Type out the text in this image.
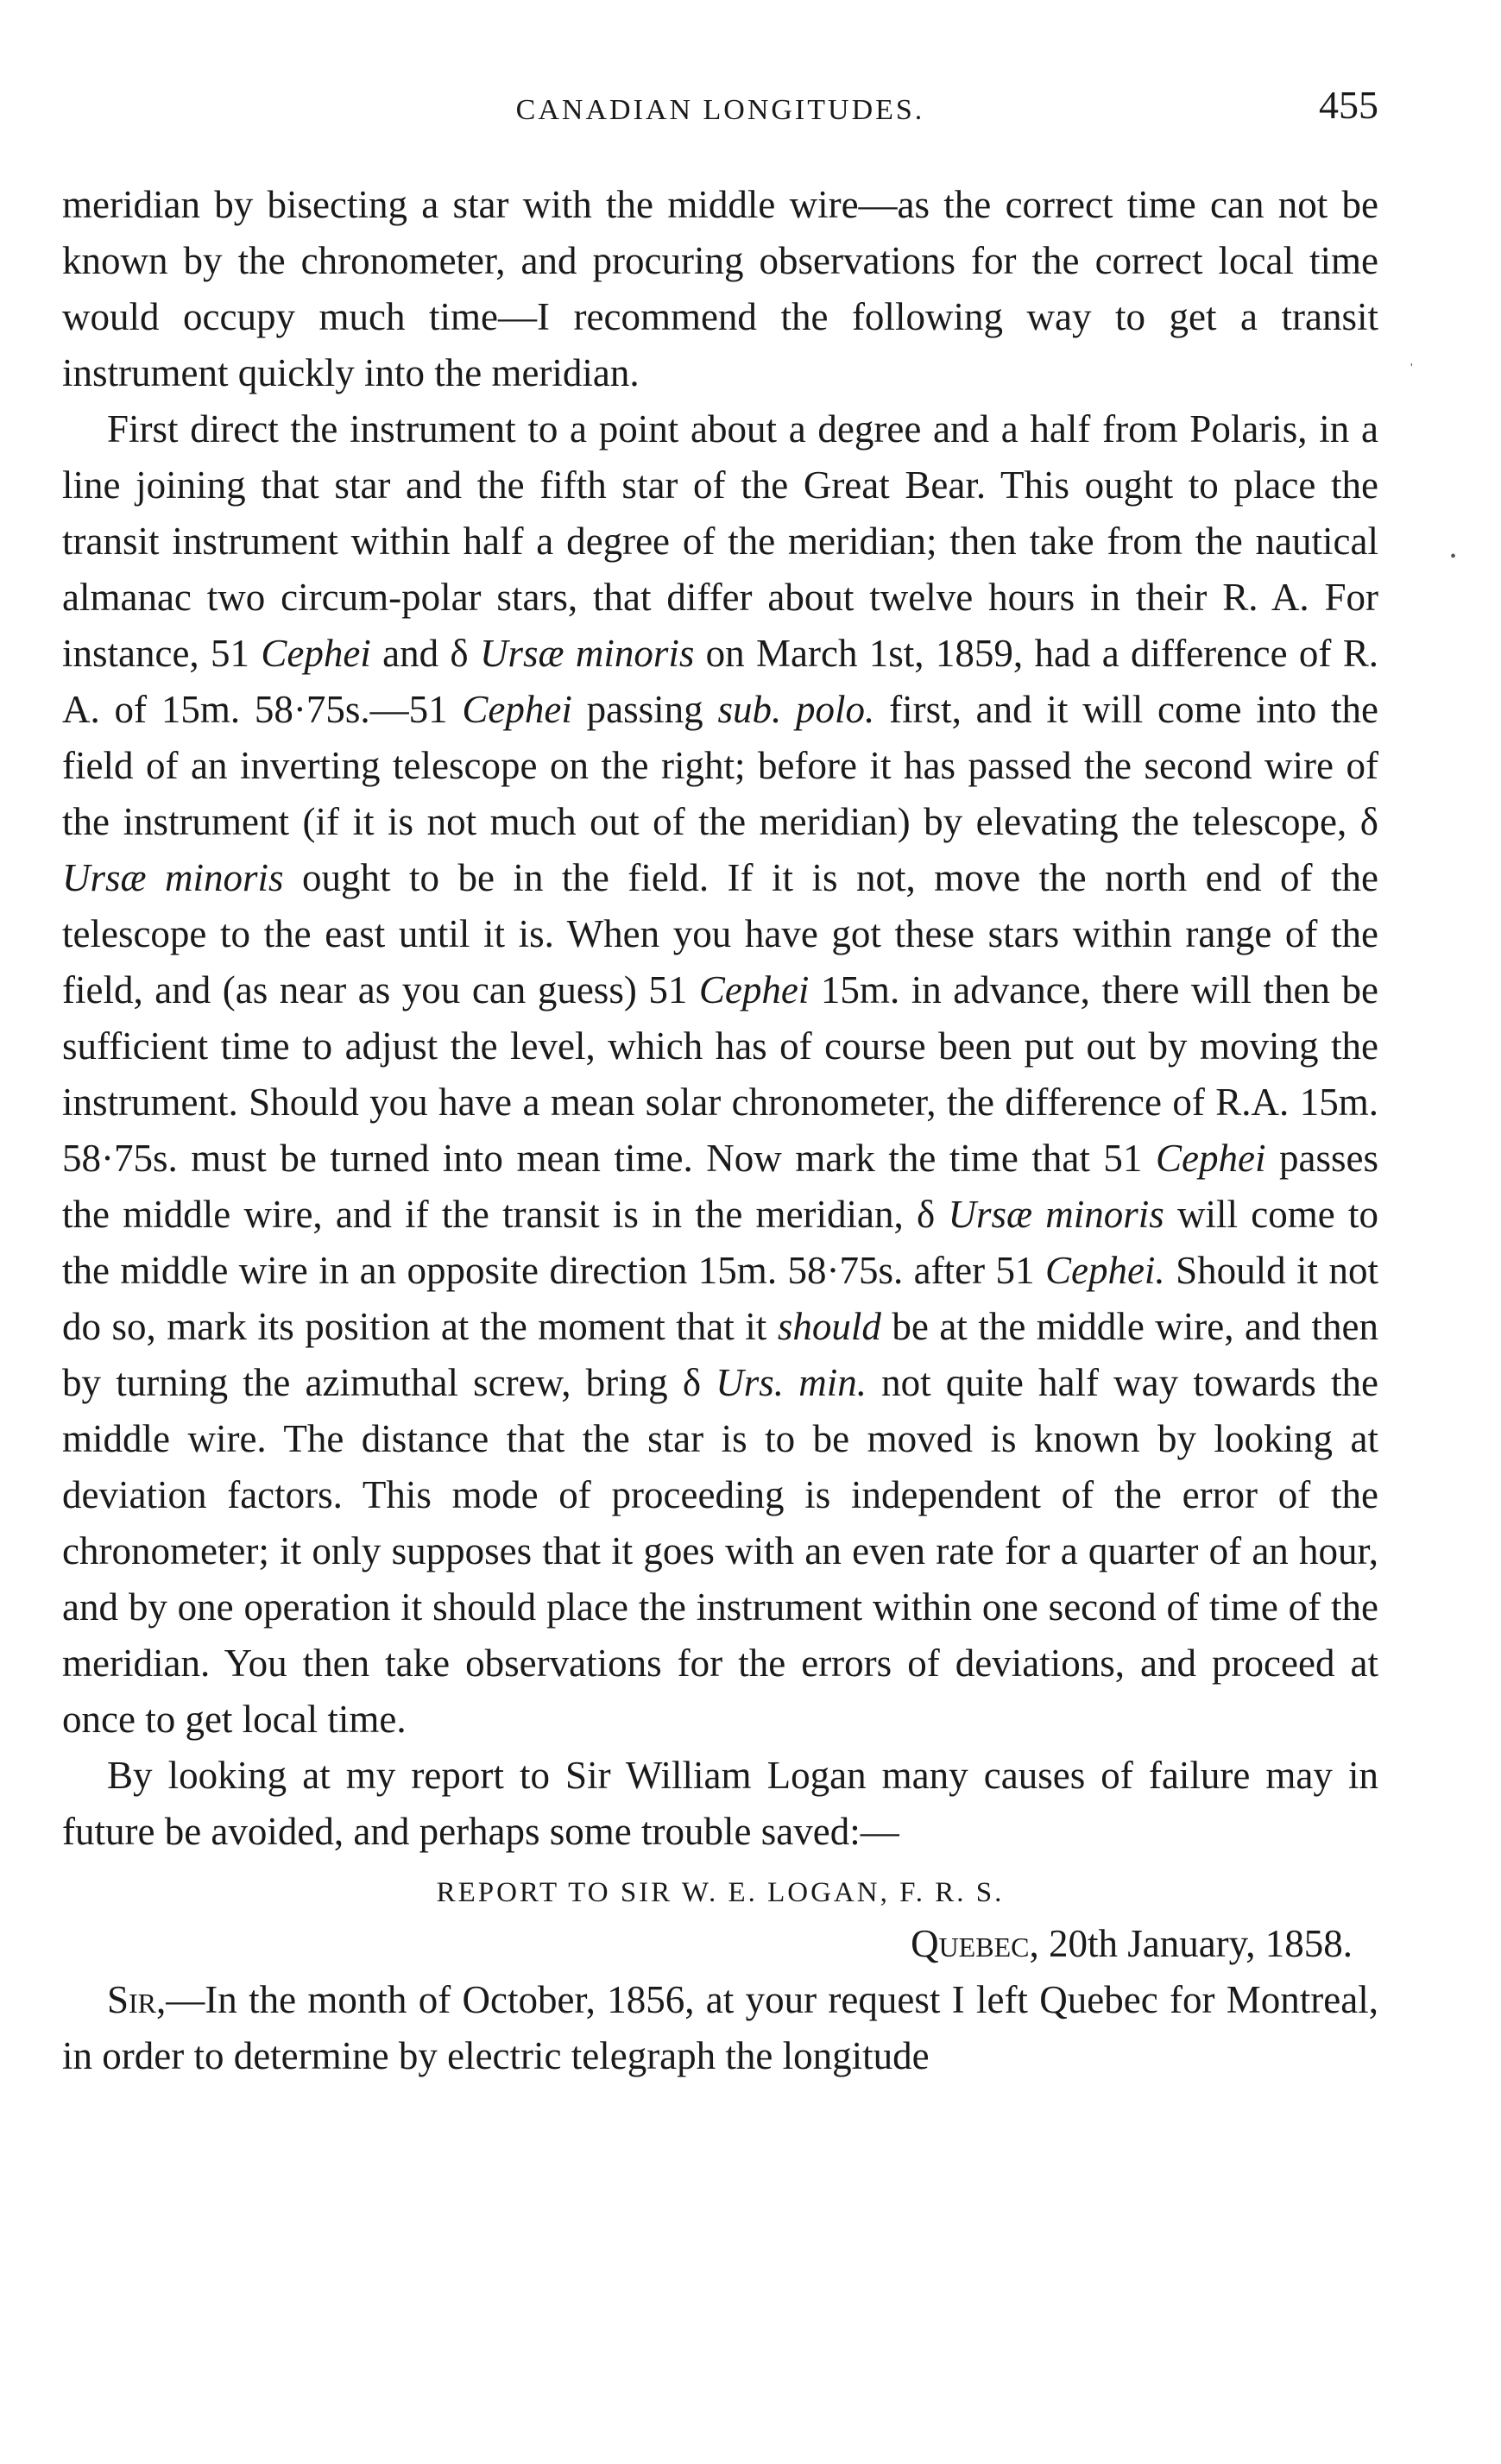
CANADIAN LONGITUDES.	455

meridian by bisecting a star with the middle wire—as the correct time can not be known by the chronometer, and procuring observations for the correct local time would occupy much time—I recommend the following way to get a transit instrument quickly into the meridian.

First direct the instrument to a point about a degree and a half from Polaris, in a line joining that star and the fifth star of the Great Bear. This ought to place the transit instrument within half a degree of the meridian; then take from the nautical almanac two circum-polar stars, that differ about twelve hours in their R. A. For instance, 51 Cephei and δ Ursæ minoris on March 1st, 1859, had a difference of R. A. of 15m. 58·75s.—51 Cephei passing sub. polo. first, and it will come into the field of an inverting telescope on the right; before it has passed the second wire of the instrument (if it is not much out of the meridian) by elevating the telescope, δ Ursæ minoris ought to be in the field. If it is not, move the north end of the telescope to the east until it is. When you have got these stars within range of the field, and (as near as you can guess) 51 Cephei 15m. in advance, there will then be sufficient time to adjust the level, which has of course been put out by moving the instrument. Should you have a mean solar chronometer, the difference of R.A. 15m. 58·75s. must be turned into mean time. Now mark the time that 51 Cephei passes the middle wire, and if the transit is in the meridian, δ Ursæ minoris will come to the middle wire in an opposite direction 15m. 58·75s. after 51 Cephei. Should it not do so, mark its position at the moment that it should be at the middle wire, and then by turning the azimuthal screw, bring δ Urs. min. not quite half way towards the middle wire. The distance that the star is to be moved is known by looking at deviation factors. This mode of proceeding is independent of the error of the chronometer; it only supposes that it goes with an even rate for a quarter of an hour, and by one operation it should place the instrument within one second of time of the meridian. You then take observations for the errors of deviations, and proceed at once to get local time.

By looking at my report to Sir William Logan many causes of failure may in future be avoided, and perhaps some trouble saved:—

REPORT TO SIR W. E. LOGAN, F. R. S.
Quebec, 20th January, 1858.

Sir,—In the month of October, 1856, at your request I left Quebec for Montreal, in order to determine by electric telegraph the longitude

ˈ
•
